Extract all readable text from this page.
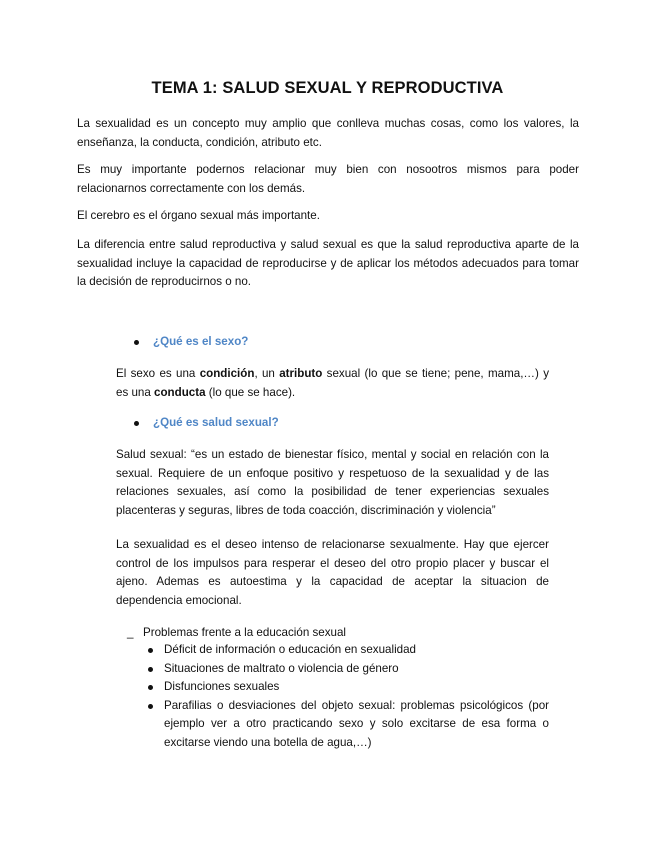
TEMA 1: SALUD SEXUAL Y REPRODUCTIVA

La sexualidad es un concepto muy amplio que conlleva muchas cosas, como los valores, la enseñanza, la conducta, condición, atributo etc.

Es muy importante podernos relacionar muy bien con nosootros mismos para poder relacionarnos correctamente con los demás.

El cerebro es el órgano sexual más importante.

La diferencia entre salud reproductiva y salud sexual es que la salud reproductiva aparte de la sexualidad incluye la capacidad de reproducirse y de aplicar los métodos adecuados para tomar la decisión de reproducirnos o no.

¿Qué es el sexo?

El sexo es una condición, un atributo sexual (lo que se tiene; pene, mama,…) y es una conducta (lo que se hace).

¿Qué es salud sexual?

Salud sexual: “es un estado de bienestar físico, mental y social en relación con la sexual. Requiere de un enfoque positivo y respetuoso de la sexualidad y de las relaciones sexuales, así como la posibilidad de tener experiencias sexuales placenteras y seguras, libres de toda coacción, discriminación y violencia”

La sexualidad es el deseo intenso de relacionarse sexualmente. Hay que ejercer control de los impulsos para resperar el deseo del otro propio placer y buscar el ajeno. Ademas es autoestima y la capacidad de aceptar la situacion de dependencia emocional.

_ Problemas frente a la educación sexual
Déficit de información o educación en sexualidad
Situaciones de maltrato o violencia de género
Disfunciones sexuales
Parafilias o desviaciones del objeto sexual: problemas psicológicos (por ejemplo ver a otro practicando sexo y solo excitarse de esa forma o excitarse viendo una botella de agua,…)
